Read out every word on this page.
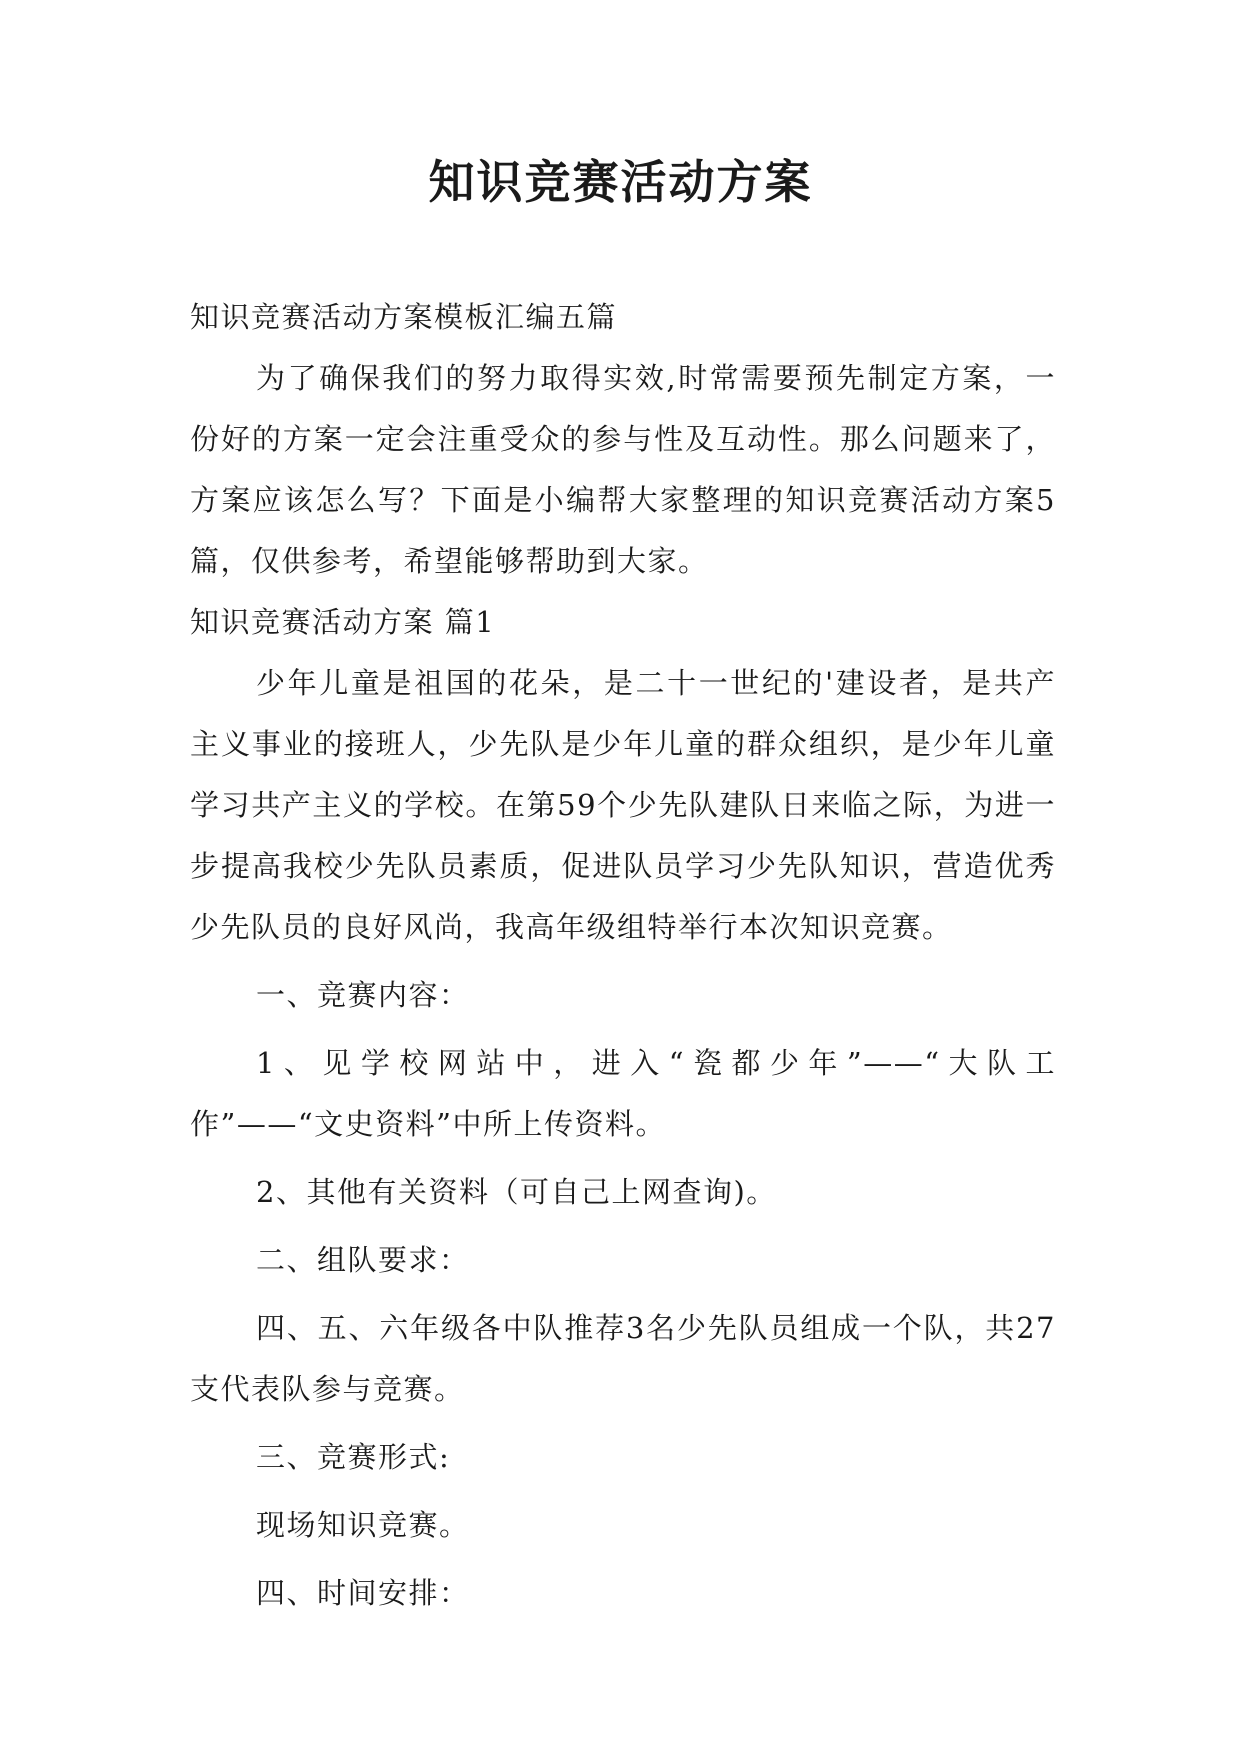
知识竞赛活动方案

知识竞赛活动方案模板汇编五篇

为了确保我们的努力取得实效,时常需要预先制定方案，一份好的方案一定会注重受众的参与性及互动性。那么问题来了，方案应该怎么写？下面是小编帮大家整理的知识竞赛活动方案5篇，仅供参考，希望能够帮助到大家。

知识竞赛活动方案 篇1

少年儿童是祖国的花朵，是二十一世纪的'建设者，是共产主义事业的接班人，少先队是少年儿童的群众组织，是少年儿童学习共产主义的学校。在第59个少先队建队日来临之际，为进一步提高我校少先队员素质，促进队员学习少先队知识，营造优秀少先队员的良好风尚，我高年级组特举行本次知识竞赛。

一、竞赛内容：

1、见学校网站中，进入“瓷都少年”——“大队工作”——“文史资料”中所上传资料。

2、其他有关资料（可自己上网查询)。

二、组队要求：

四、五、六年级各中队推荐3名少先队员组成一个队，共27支代表队参与竞赛。

三、竞赛形式:

现场知识竞赛。

四、时间安排：
